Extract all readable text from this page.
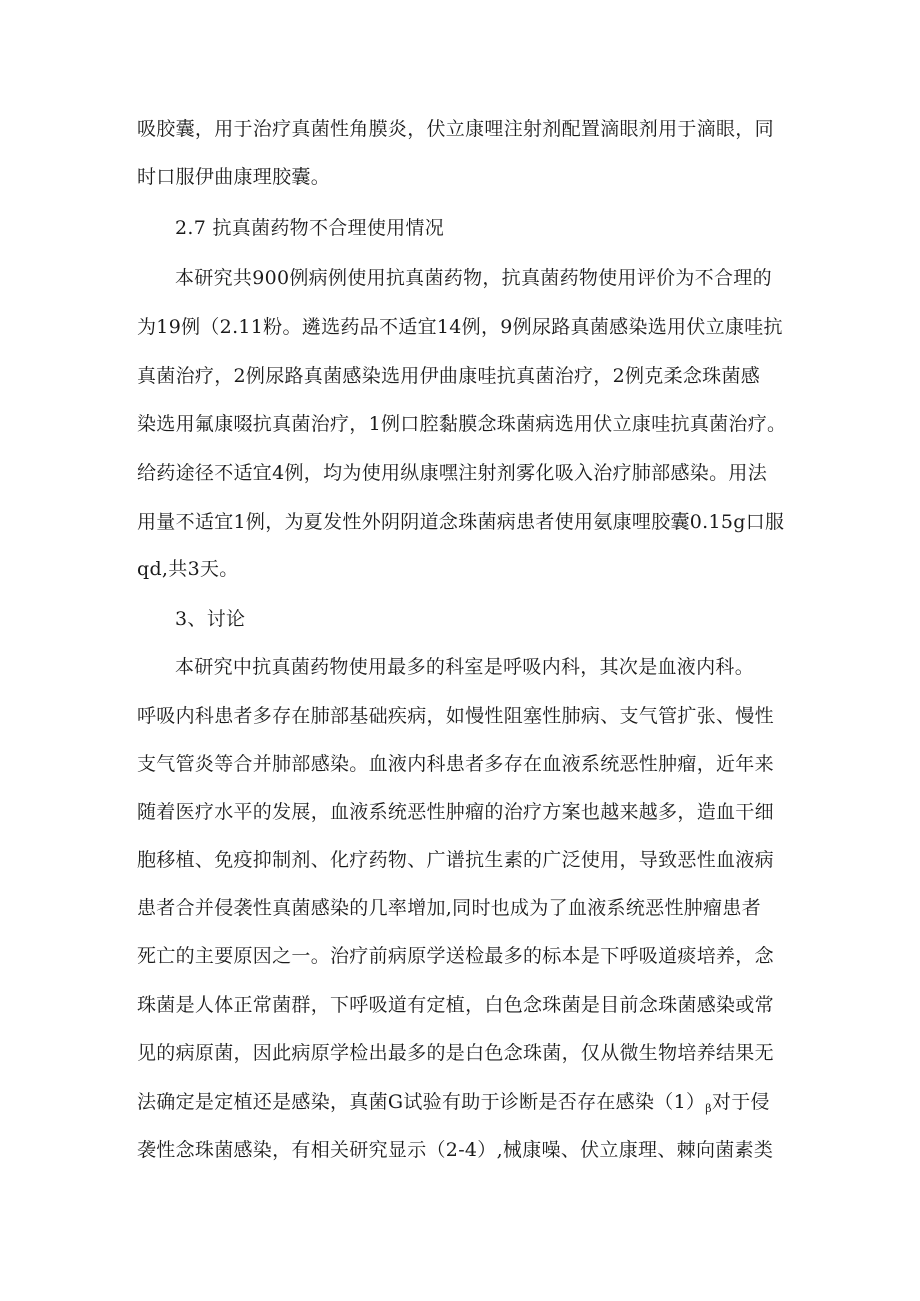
吸胶囊，用于治疗真菌性角膜炎，伏立康哩注射剂配置滴眼剂用于滴眼，同
时口服伊曲康理胶囊。
2.7 抗真菌药物不合理使用情况
本研究共900例病例使用抗真菌药物，抗真菌药物使用评价为不合理的
为19例（2.11粉。遴选药品不适宜14例，9例尿路真菌感染选用伏立康哇抗
真菌治疗，2例尿路真菌感染选用伊曲康哇抗真菌治疗，2例克柔念珠菌感
染选用氟康啜抗真菌治疗，1例口腔黏膜念珠菌病选用伏立康哇抗真菌治疗。
给药途径不适宜4例，均为使用纵康嘿注射剂雾化吸入治疗肺部感染。用法
用量不适宜1例，为夏发性外阴阴道念珠菌病患者使用氨康哩胶囊0.15g口服
qd,共3天。
3、讨论
本研究中抗真菌药物使用最多的科室是呼吸内科，其次是血液内科。
呼吸内科患者多存在肺部基础疾病，如慢性阻塞性肺病、支气管扩张、慢性
支气管炎等合并肺部感染。血液内科患者多存在血液系统恶性肿瘤，近年来
随着医疗水平的发展，血液系统恶性肿瘤的治疗方案也越来越多，造血干细
胞移植、免疫抑制剂、化疗药物、广谱抗生素的广泛使用，导致恶性血液病
患者合并侵袭性真菌感染的几率增加,同时也成为了血液系统恶性肿瘤患者
死亡的主要原因之一。治疗前病原学送检最多的标本是下呼吸道痰培养，念
珠菌是人体正常菌群，下呼吸道有定植，白色念珠菌是目前念珠菌感染或常
见的病原菌，因此病原学检出最多的是白色念珠菌，仅从微生物培养结果无
法确定是定植还是感染，真菌G试验有助于诊断是否存在感染$(1)_\beta$对于侵
袭性念珠菌感染，有相关研究显示（2-4）,械康噪、伏立康理、棘向菌素类
